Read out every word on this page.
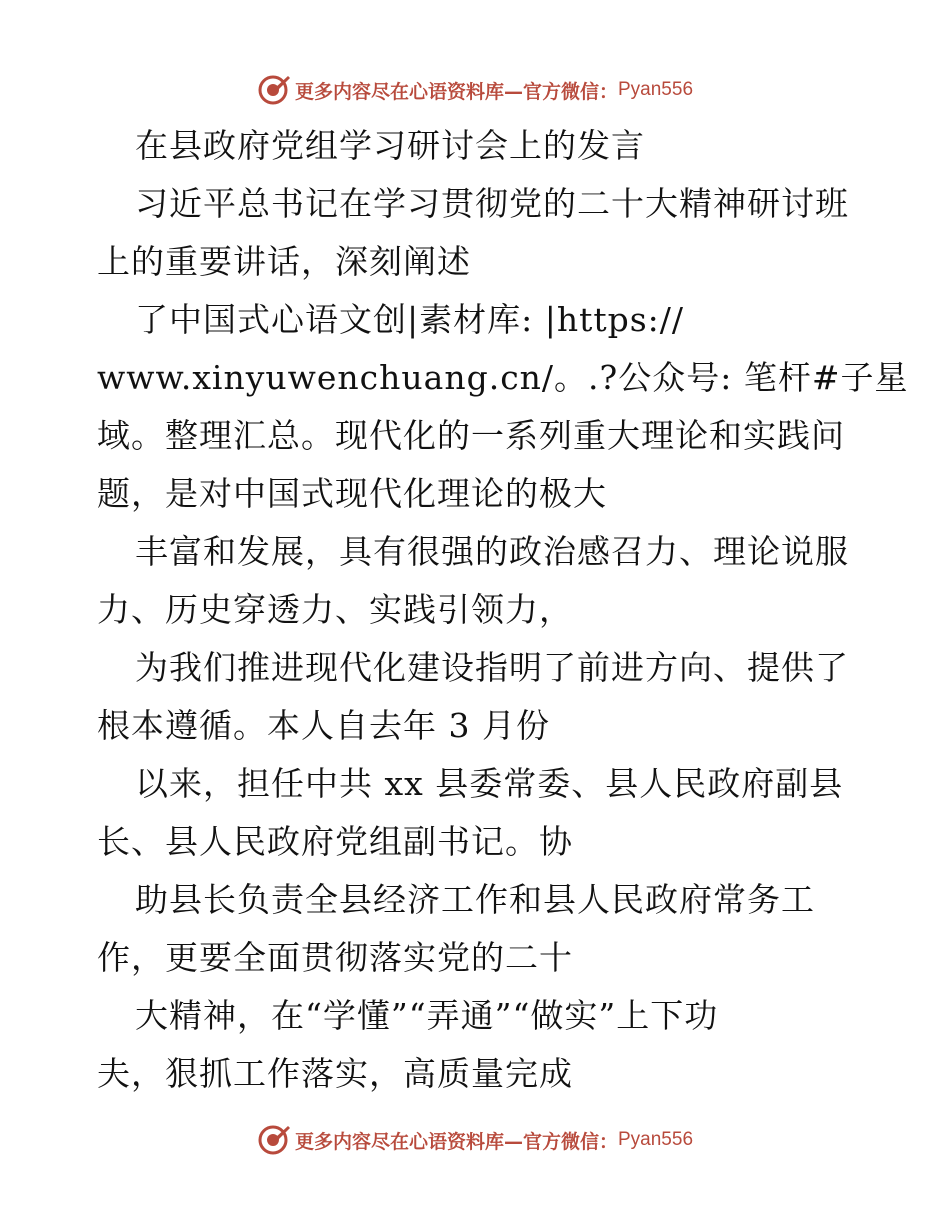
更多内容尽在心语资料库—官方微信： Pyan556
在县政府党组学习研讨会上的发言
习近平总书记在学习贯彻党的二十大精神研讨班
上的重要讲话，深刻阐述
了中国式心语文创|素材库: |https://
www.xinyuwenchuang.cn/。.?公众号: 笔杆#子星
域。整理汇总。现代化的一系列重大理论和实践问
题，是对中国式现代化理论的极大
丰富和发展，具有很强的政治感召力、理论说服
力、历史穿透力、实践引领力，
为我们推进现代化建设指明了前进方向、提供了
根本遵循。本人自去年 3 月份
以来，担任中共 xx 县委常委、县人民政府副县
长、县人民政府党组副书记。协
助县长负责全县经济工作和县人民政府常务工
作，更要全面贯彻落实党的二十
大精神，在“学懂”“弄通”“做实”上下功
夫，狠抓工作落实，高质量完成
更多内容尽在心语资料库—官方微信： Pyan556
